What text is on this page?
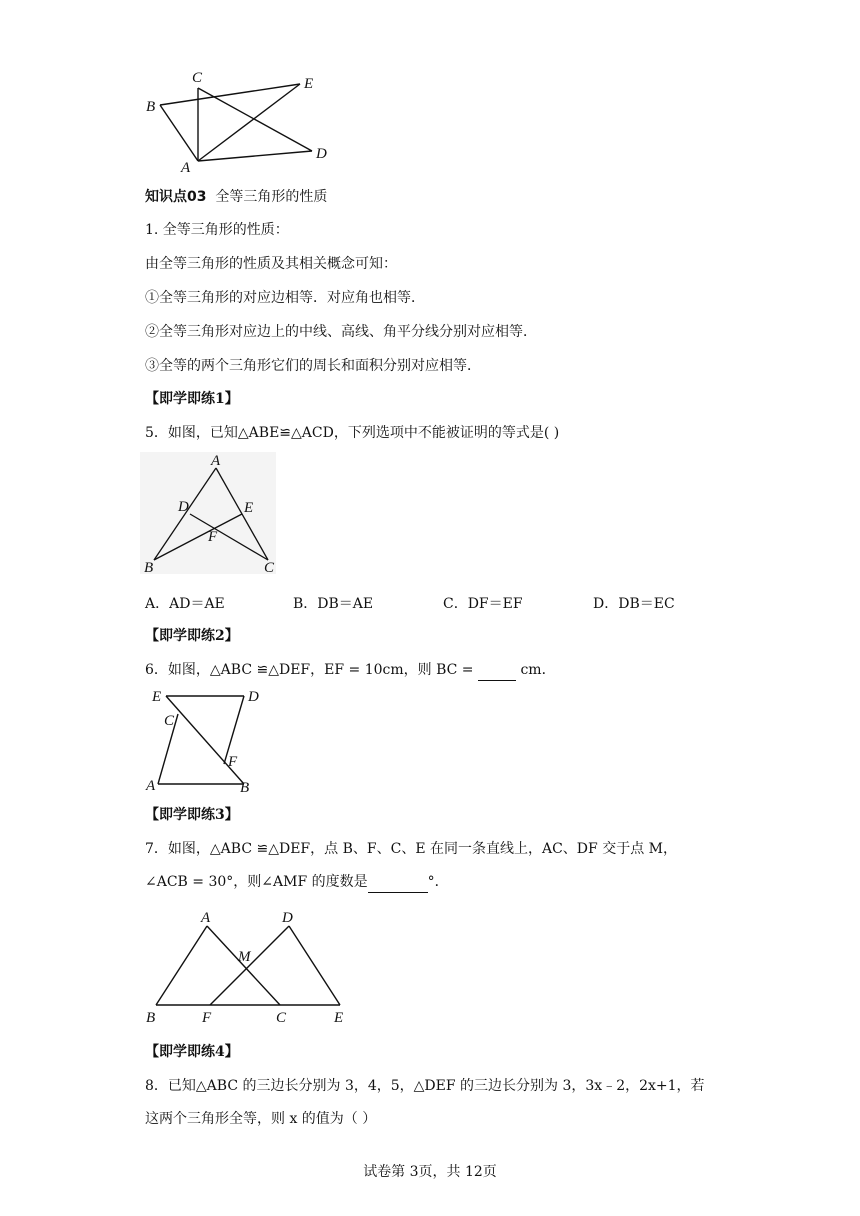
B
C	E
A
D
知识点03 全等三角形的性质
1. 全等三角形的性质：
由全等三角形的性质及其相关概念可知：
①全等三角形的对应边相等．对应角也相等．
②全等三角形对应边上的中线、高线、角平分线分别对应相等．
③全等的两个三角形它们的周长和面积分别对应相等．
【即学即练1】
5．如图，已知△ABE≌△ACD，下列选项中不能被证明的等式是( )
A
D	E
F
B	C
A．AD＝AE	B．DB＝AE	C．DF＝EF	D．DB＝EC
【即学即练2】
6．如图，△ABC ≌△DEF，EF = 10cm，则 BC =	cm．
E	D
C
F
A	B
【即学即练3】
7．如图，△ABC ≌△DEF，点 B、F、C、E 在同一条直线上，AC、DF 交于点 M，
∠ACB = 30°，则∠AMF 的度数是	°．
A	D
M
B	F	C	E
【即学即练4】
8．已知△ABC 的三边长分别为 3，4，5，△DEF 的三边长分别为 3，3x﹣2，2x+1，若
这两个三角形全等，则 x 的值为（ ）
试卷第 3页，共 12页
